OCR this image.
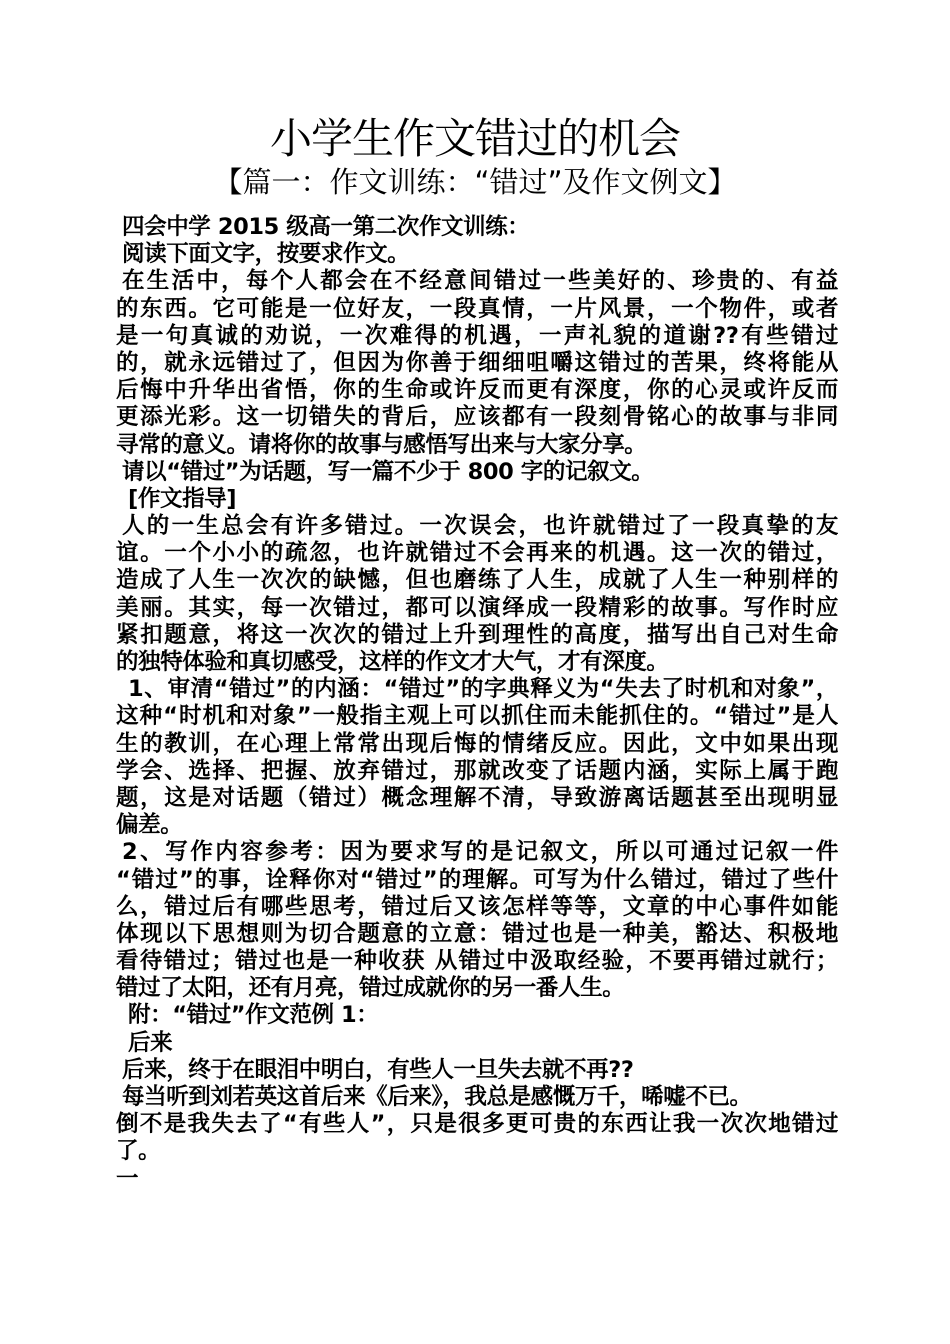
小学生作文错过的机会
【篇一：作文训练：“错过”及作文例文】
四会中学 2015 级高一第二次作文训练：
阅读下面文字，按要求作文。
在生活中，每个人都会在不经意间错过一些美好的、珍贵的、有益
的东西。它可能是一位好友，一段真情，一片风景，一个物件，或者
是一句真诚的劝说，一次难得的机遇，一声礼貌的道谢??有些错过
的，就永远错过了，但因为你善于细细咀嚼这错过的苦果，终将能从
后悔中升华出省悟，你的生命或许反而更有深度，你的心灵或许反而
更添光彩。这一切错失的背后，应该都有一段刻骨铭心的故事与非同
寻常的意义。请将你的故事与感悟写出来与大家分享。
请以“错过”为话题，写一篇不少于 800 字的记叙文。
[作文指导]
人的一生总会有许多错过。一次误会，也许就错过了一段真挚的友
谊。一个小小的疏忽，也许就错过不会再来的机遇。这一次的错过，
造成了人生一次次的缺憾，但也磨练了人生，成就了人生一种别样的
美丽。其实，每一次错过，都可以演绎成一段精彩的故事。写作时应
紧扣题意，将这一次次的错过上升到理性的高度，描写出自己对生命
的独特体验和真切感受，这样的作文才大气，才有深度。
1、审清“错过”的内涵：“错过”的字典释义为“失去了时机和对象”，
这种“时机和对象”一般指主观上可以抓住而未能抓住的。“错过”是人
生的教训，在心理上常常出现后悔的情绪反应。因此，文中如果出现
学会、选择、把握、放弃错过，那就改变了话题内涵，实际上属于跑
题，这是对话题（错过）概念理解不清，导致游离话题甚至出现明显
偏差。
2、写作内容参考：因为要求写的是记叙文，所以可通过记叙一件
“错过”的事，诠释你对“错过”的理解。可写为什么错过，错过了些什
么，错过后有哪些思考，错过后又该怎样等等，文章的中心事件如能
体现以下思想则为切合题意的立意：错过也是一种美，豁达、积极地
看待错过；错过也是一种收获 从错过中汲取经验，不要再错过就行；
错过了太阳，还有月亮，错过成就你的另一番人生。
附：“错过”作文范例 1：
后来
后来，终于在眼泪中明白，有些人一旦失去就不再??
每当听到刘若英这首后来《后来》，我总是感慨万千，唏嘘不已。
倒不是我失去了“有些人”，只是很多更可贵的东西让我一次次地错过
了。
一
